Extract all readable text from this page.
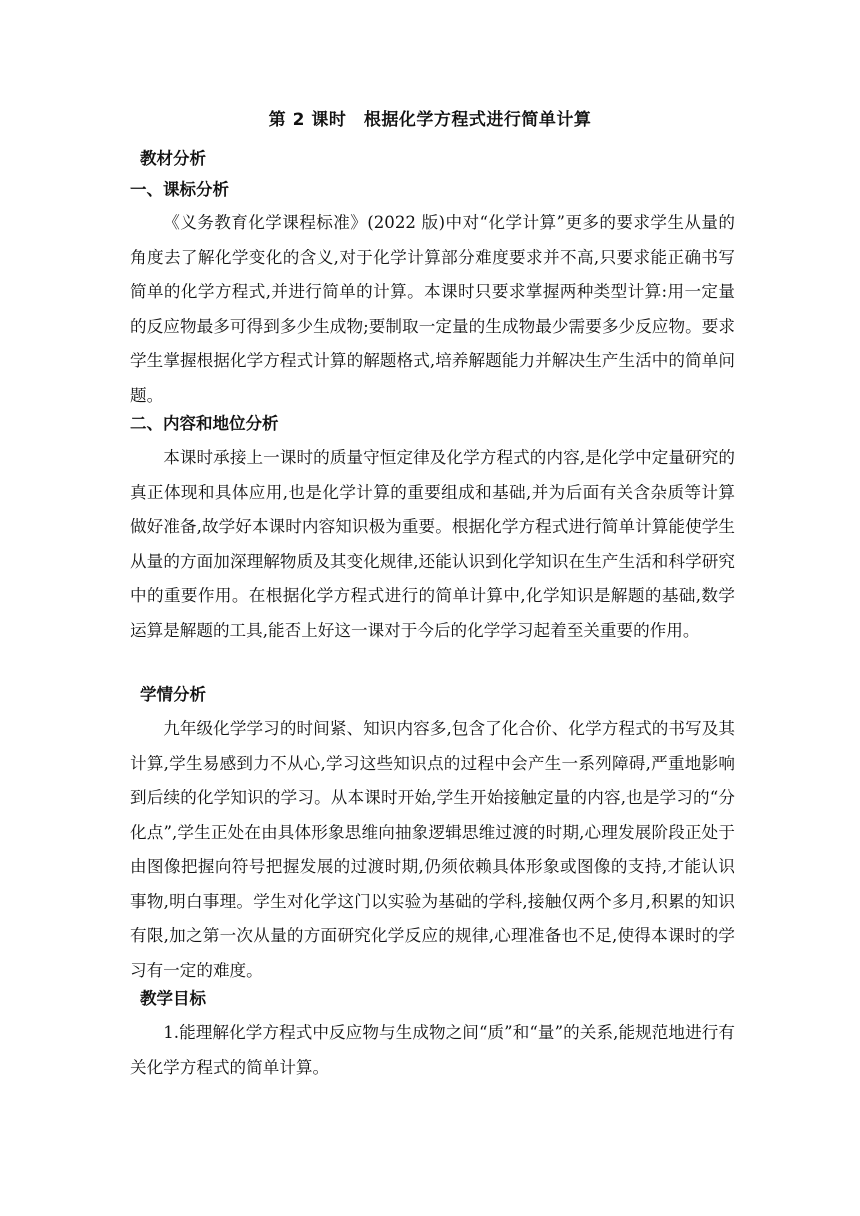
第 2 课时　根据化学方程式进行简单计算
教材分析
一、课标分析

《义务教育化学课程标准》(2022 版)中对“化学计算”更多的要求学生从量的角度去了解化学变化的含义,对于化学计算部分难度要求并不高,只要求能正确书写简单的化学方程式,并进行简单的计算。本课时只要求掌握两种类型计算:用一定量的反应物最多可得到多少生成物;要制取一定量的生成物最少需要多少反应物。要求学生掌握根据化学方程式计算的解题格式,培养解题能力并解决生产生活中的简单问题。

二、内容和地位分析

本课时承接上一课时的质量守恒定律及化学方程式的内容,是化学中定量研究的真正体现和具体应用,也是化学计算的重要组成和基础,并为后面有关含杂质等计算做好准备,故学好本课时内容知识极为重要。根据化学方程式进行简单计算能使学生从量的方面加深理解物质及其变化规律,还能认识到化学知识在生产生活和科学研究中的重要作用。在根据化学方程式进行的简单计算中,化学知识是解题的基础,数学运算是解题的工具,能否上好这一课对于今后的化学学习起着至关重要的作用。

学情分析

九年级化学学习的时间紧、知识内容多,包含了化合价、化学方程式的书写及其计算,学生易感到力不从心,学习这些知识点的过程中会产生一系列障碍,严重地影响到后续的化学知识的学习。从本课时开始,学生开始接触定量的内容,也是学习的“分化点”,学生正处在由具体形象思维向抽象逻辑思维过渡的时期,心理发展阶段正处于由图像把握向符号把握发展的过渡时期,仍须依赖具体形象或图像的支持,才能认识事物,明白事理。学生对化学这门以实验为基础的学科,接触仅两个多月,积累的知识有限,加之第一次从量的方面研究化学反应的规律,心理准备也不足,使得本课时的学习有一定的难度。

教学目标

1.能理解化学方程式中反应物与生成物之间“质”和“量”的关系,能规范地进行有关化学方程式的简单计算。
